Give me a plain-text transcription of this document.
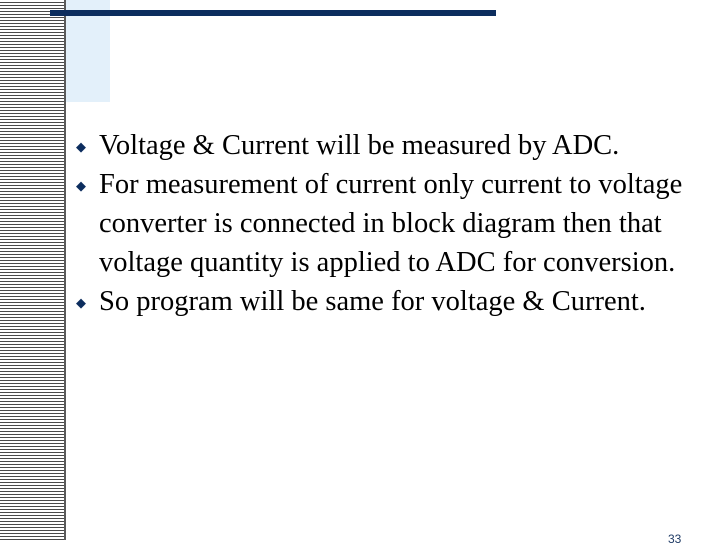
◆ Voltage & Current will be measured by ADC.
◆ For measurement of current only current to voltage converter is connected in block diagram then that voltage quantity is applied to ADC for conversion.
◆ So program will be same for voltage & Current.
33
